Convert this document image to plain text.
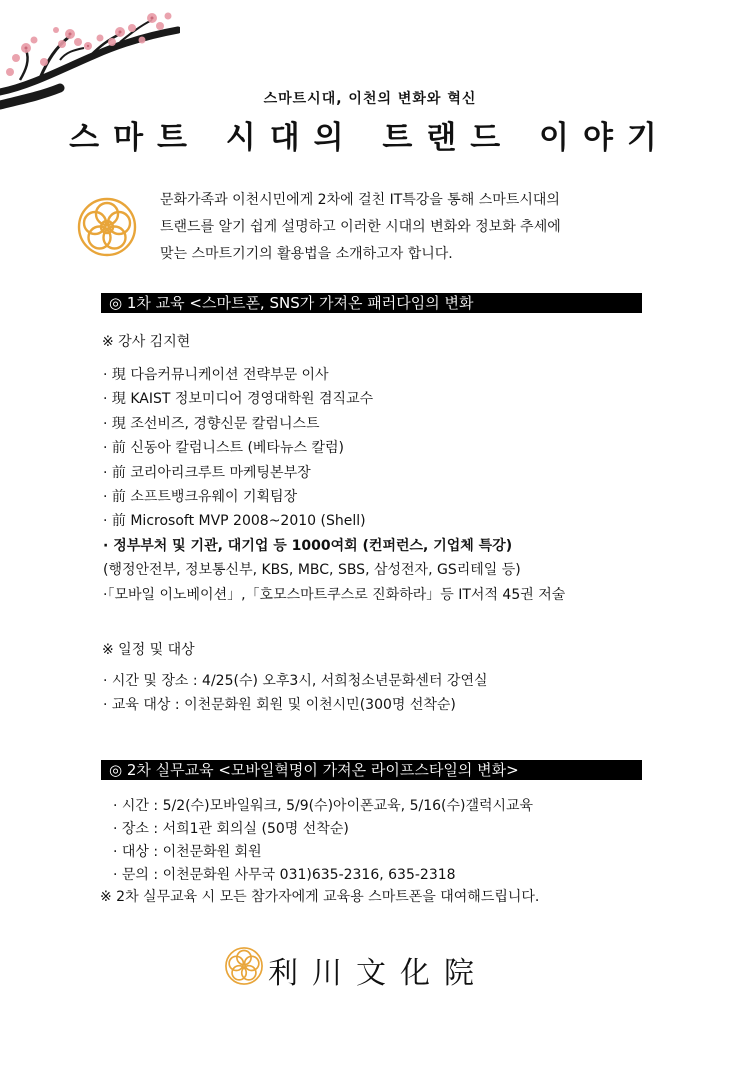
스마트시대, 이천의 변화와 혁신
스마트 시대의 트랜드 이야기
문화가족과 이천시민에게 2차에 걸친 IT특강을 통해 스마트시대의
트랜드를 알기 쉽게 설명하고 이러한 시대의 변화와 정보화 추세에
맞는 스마트기기의 활용법을 소개하고자 합니다.
◎ 1차 교육 <스마트폰, SNS가 가져온 패러다임의 변화
※ 강사 김지현
· 現 다음커뮤니케이션 전략부문 이사
· 現 KAIST 정보미디어 경영대학원 겸직교수
· 現 조선비즈, 경향신문 칼럼니스트
· 前 신동아 칼럼니스트 (베타뉴스 칼럼)
· 前 코리아리크루트 마케팅본부장
· 前 소프트뱅크유웨이 기획팀장
· 前 Microsoft MVP 2008~2010 (Shell)
· 정부부처 및 기관, 대기업 등 1000여회 (컨퍼런스, 기업체 특강)
(행정안전부, 정보통신부, KBS, MBC, SBS, 삼성전자, GS리테일 등)
·「모바일 이노베이션」,「호모스마트쿠스로 진화하라」등 IT서적 45권 저술
※ 일정 및 대상
· 시간 및 장소 : 4/25(수) 오후3시, 서희청소년문화센터 강연실
· 교육 대상 : 이천문화원 회원 및 이천시민(300명 선착순)
◎ 2차 실무교육 <모바일혁명이 가져온 라이프스타일의 변화>
· 시간 : 5/2(수)모바일워크, 5/9(수)아이폰교육, 5/16(수)갤럭시교육
· 장소 : 서희1관 회의실 (50명 선착순)
· 대상 : 이천문화원 회원
· 문의 : 이천문화원 사무국 031)635-2316, 635-2318
※ 2차 실무교육 시 모든 참가자에게 교육용 스마트폰을 대여해드립니다.
利川文化院
